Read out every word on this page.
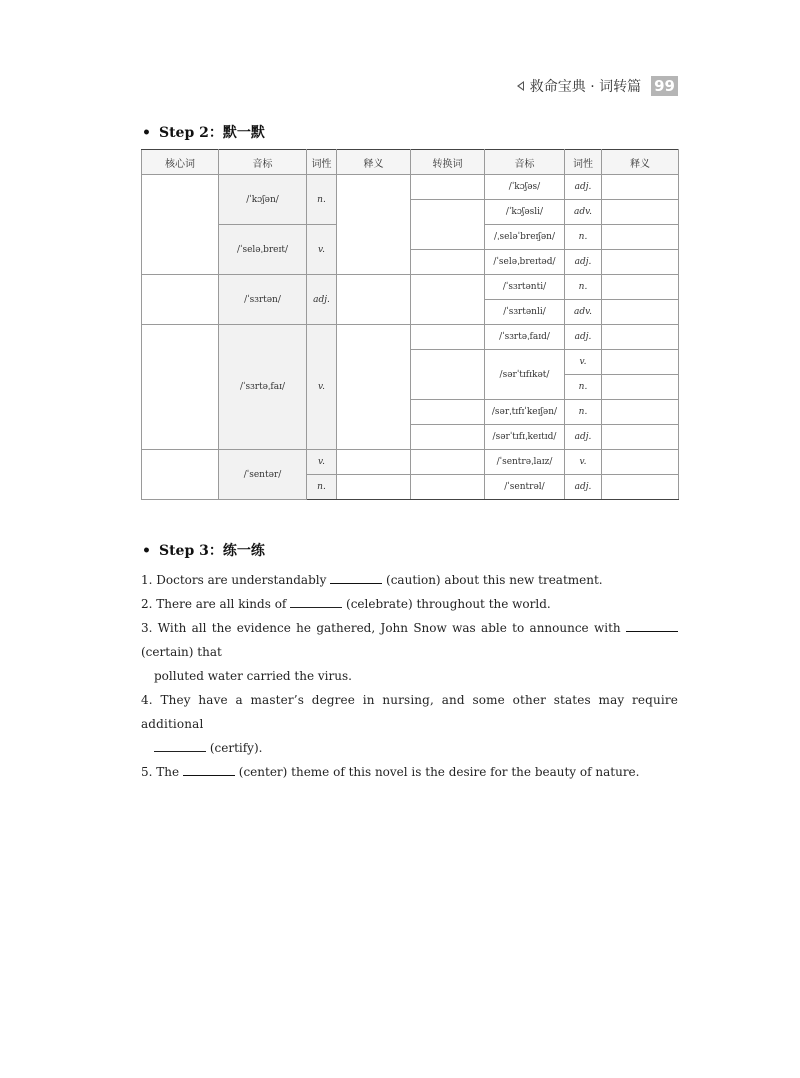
救命宝典 · 词转篇 99
• Step 2：默一默
核心词	音标	词性	释义	转换词	音标	词性	释义
	/ˈkɔʃən/	n.			/ˈkɔʃəs/	adj.	
					/ˈkɔʃəsli/	adv.	
	/ˈseləˌbreɪt/	v.			/ˌseləˈbreɪʃən/	n.	
					/ˈseləˌbreɪtəd/	adj.	
	/ˈsɜrtən/	adj.			/ˈsɜrtənti/	n.	
					/ˈsɜrtənli/	adv.	
	/ˈsɜrtəˌfaɪ/	v.			/ˈsɜrtəˌfaɪd/	adj.	
					/sərˈtɪfɪkət/	v.	
						n.	
					/sərˌtɪfɪˈkeɪʃən/	n.	
					/sərˈtɪfɪˌkeɪtɪd/	adj.	
	/ˈsentər/	v.			/ˈsentrəˌlaɪz/	v.	
		n.			/ˈsentrəl/	adj.	
• Step 3：练一练

1. Doctors are understandably	(caution) about this new treatment.

2. There are all kinds of	(celebrate) throughout the world.

3. With all the evidence he gathered, John Snow was able to announce with  (certain) that

polluted water carried the virus.

4. They have a master’s degree in nursing, and some other states may require additional

(certify).

5. The	(center) theme of this novel is the desire for the beauty of nature.
